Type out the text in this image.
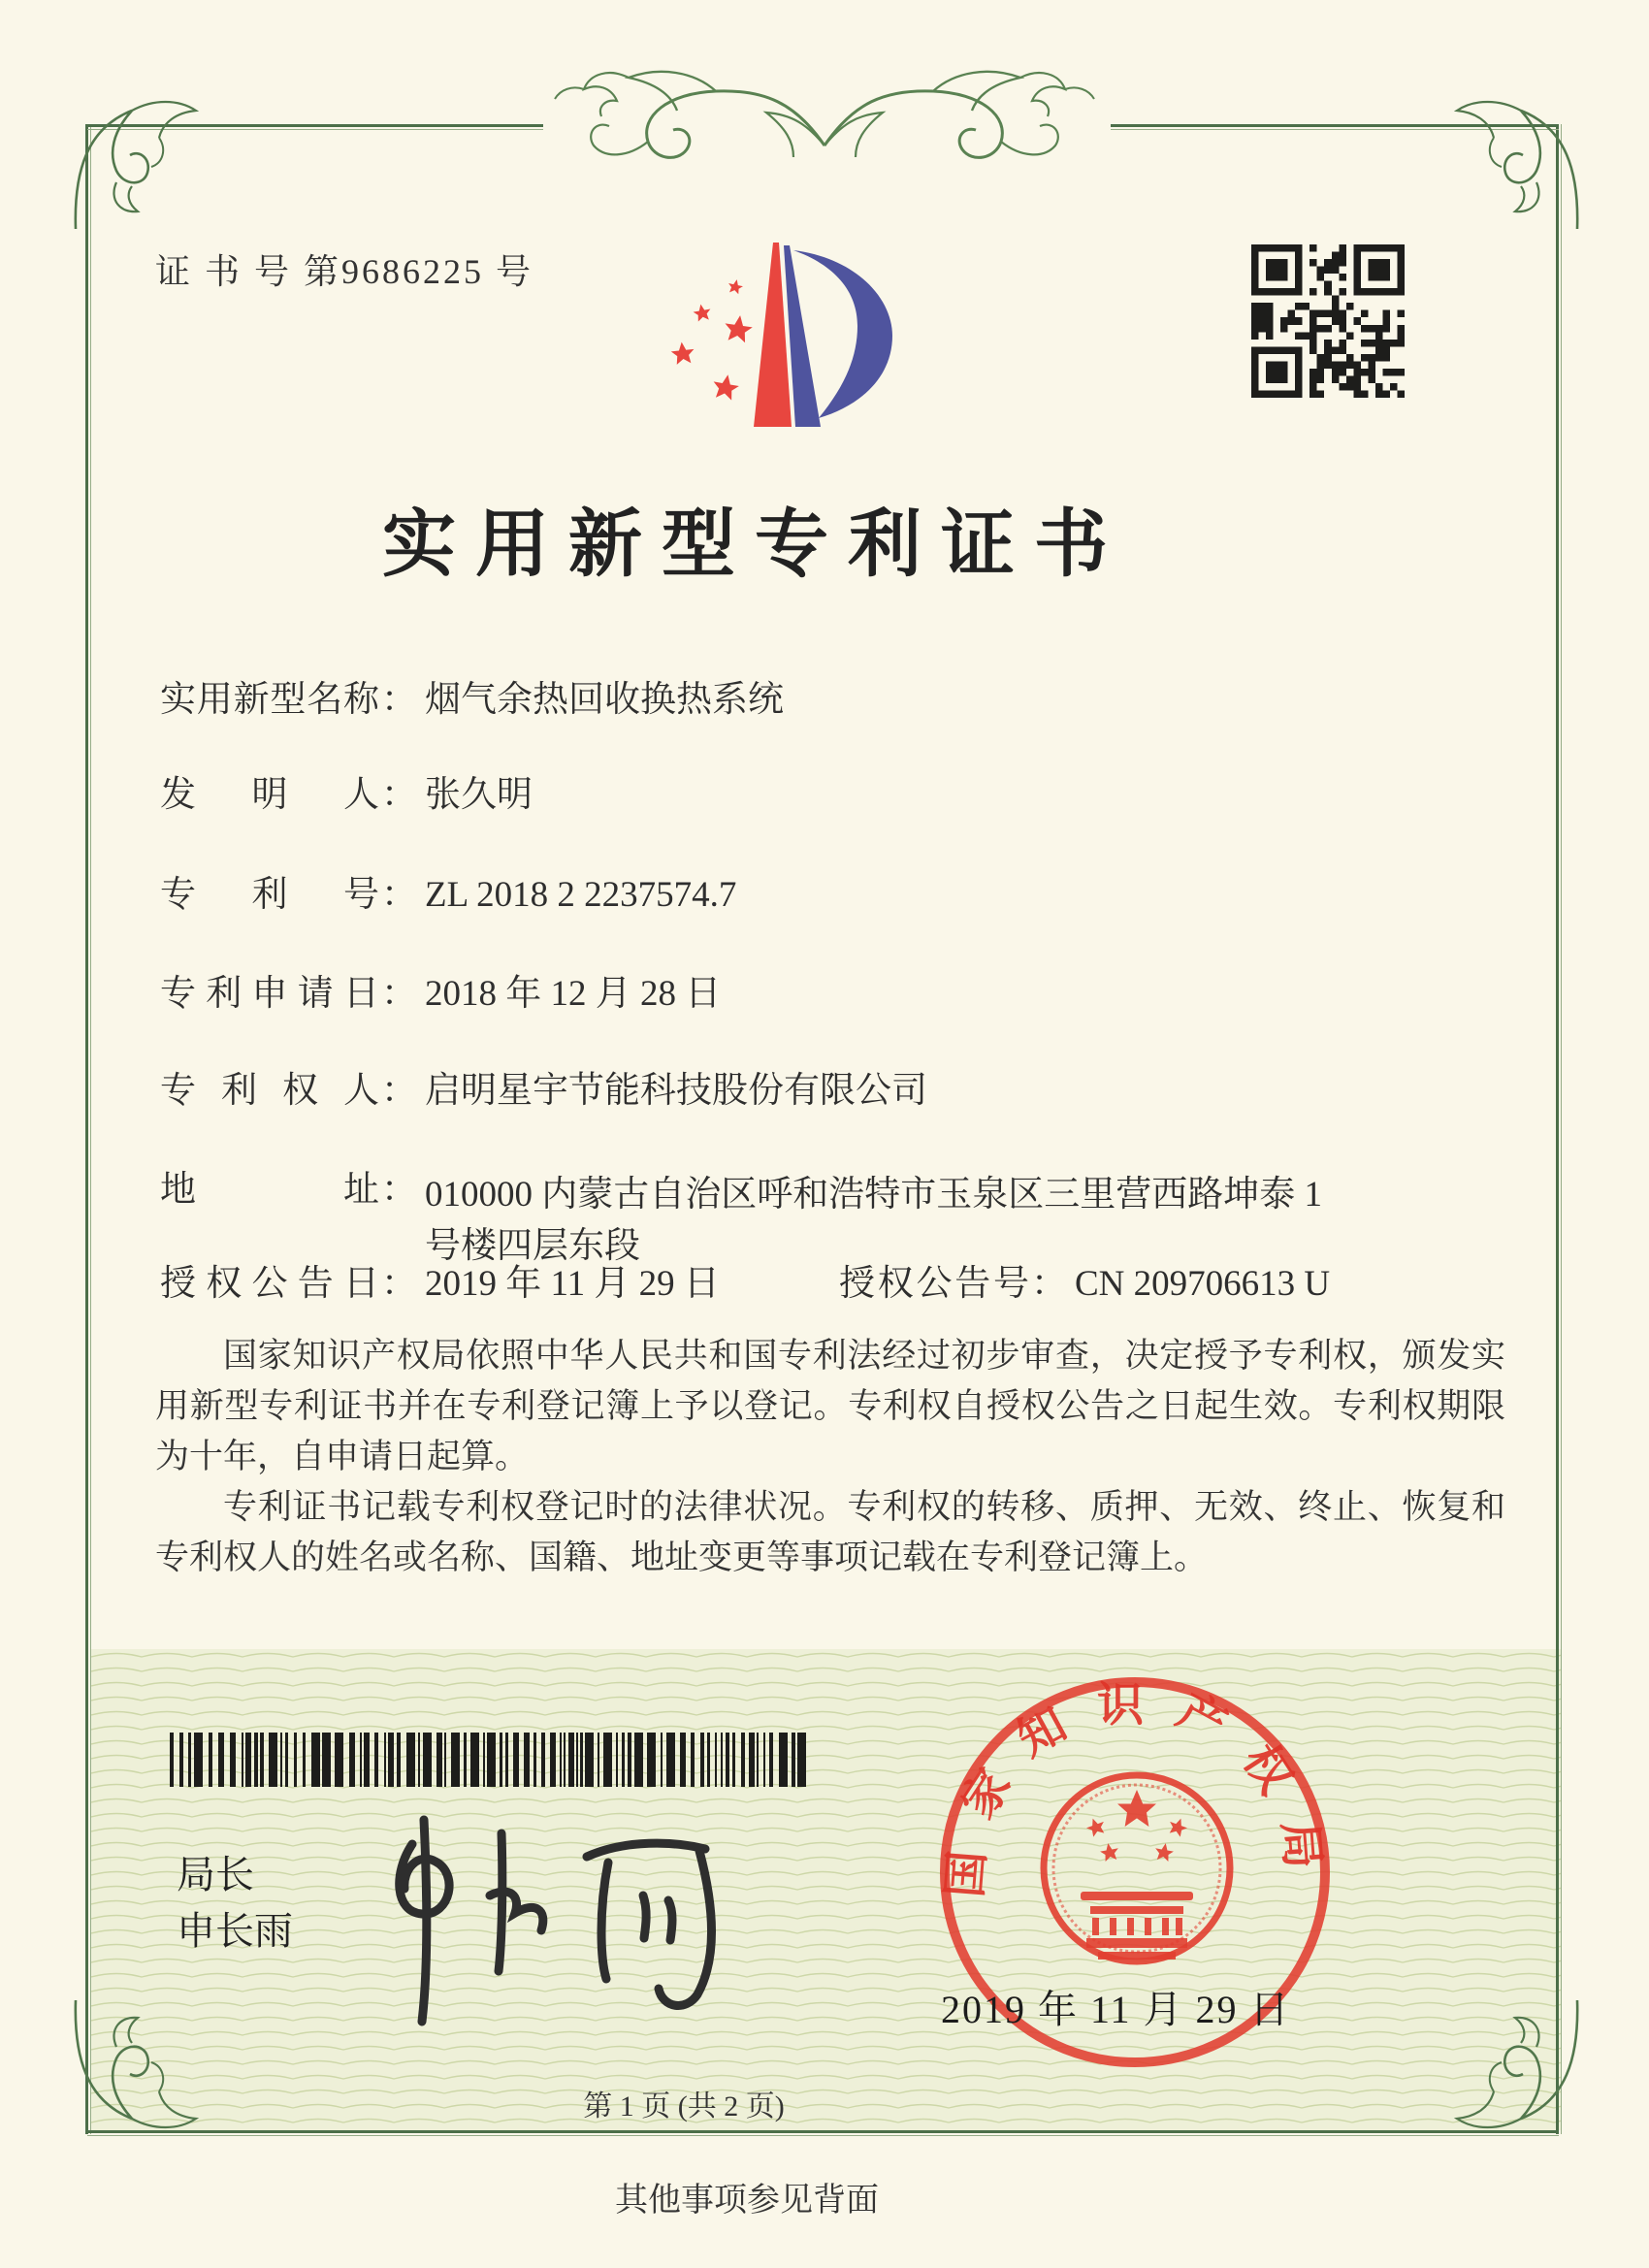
证 书 号 第9686225 号
实用新型专利证书
实用新型名称： 烟气余热回收换热系统
发明人： 张久明
专利号： ZL 2018 2 2237574.7
专利申请日： 2018 年 12 月 28 日
专利权人： 启明星宇节能科技股份有限公司
地址： 010000 内蒙古自治区呼和浩特市玉泉区三里营西路坤泰 1 号楼四层东段
授权公告日： 2019 年 11 月 29 日	授权公告号： CN 209706613 U

国家知识产权局依照中华人民共和国专利法经过初步审查，决定授予专利权，颁发实用新型专利证书并在专利登记簿上予以登记。专利权自授权公告之日起生效。专利权期限为十年，自申请日起算。

专利证书记载专利权登记时的法律状况。专利权的转移、质押、无效、终止、恢复和专利权人的姓名或名称、国籍、地址变更等事项记载在专利登记簿上。

局长
申长雨
国家知识产权局
2019 年 11 月 29 日
第 1 页 (共 2 页)
其他事项参见背面
